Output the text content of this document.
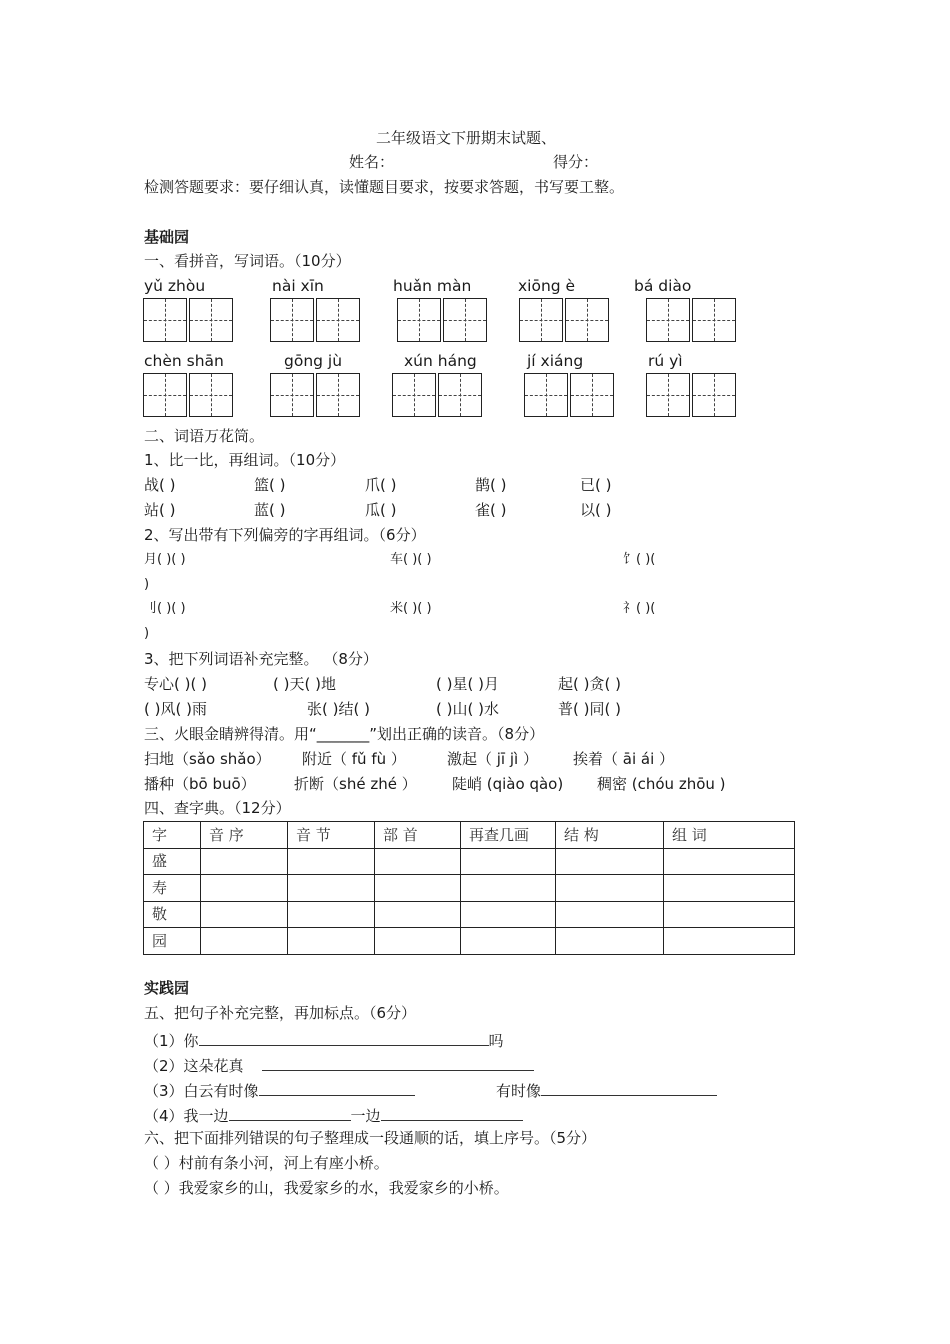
二年级语文下册期末试题、
姓名：	得分：
检测答题要求：要仔细认真，读懂题目要求，按要求答题，书写要工整。
基础园
一、看拼音，写词语。（10分）
yǔ zhòu	nài xīn	huǎn màn	xiōng è	bá diào
chèn shān	gōng jù	xún háng	jí xiáng	rú yì
二、词语万花筒。
1、比一比，再组词。（10分）
战( )	篮( )	爪( )	鹊( )	已( )
站( )	蓝( )	瓜( )	雀( )	以( )
2、写出带有下列偏旁的字再组词。（6分）
月( )( )	车( )( )	饣( )(
)
刂( )( )	米( )( )	礻( )(
)
3、把下列词语补充完整。 （8分）
专心( )( )	( )天( )地	( )星( )月	起( )贪( )
( )风( )雨	张( )结( )	( )山( )水	普( )同( )
三、火眼金睛辨得清。用“_______”划出正确的读音。（8分）
扫地（sǎo shǎo） 附近（ fǔ fù ）	激起（ jī jì ） 挨着（ āi ái ）
播种（bō buō）	折断（shé zhé ） 陡峭 (qiào qào) 稠密 (chóu zhōu )
四、查字典。（12分）
字	音 序	音 节	部 首	再查几画	结 构	组 词
盛						
寿						
敬						
园						
实践园
五、把句子补充完整，再加标点。（6分）
（1）你	吗
（2）这朵花真
（3）白云有时像	有时像
（4）我一边	一边
六、把下面排列错误的句子整理成一段通顺的话，填上序号。（5分）
（ ）村前有条小河，河上有座小桥。
（ ）我爱家乡的山，我爱家乡的水，我爱家乡的小桥。
